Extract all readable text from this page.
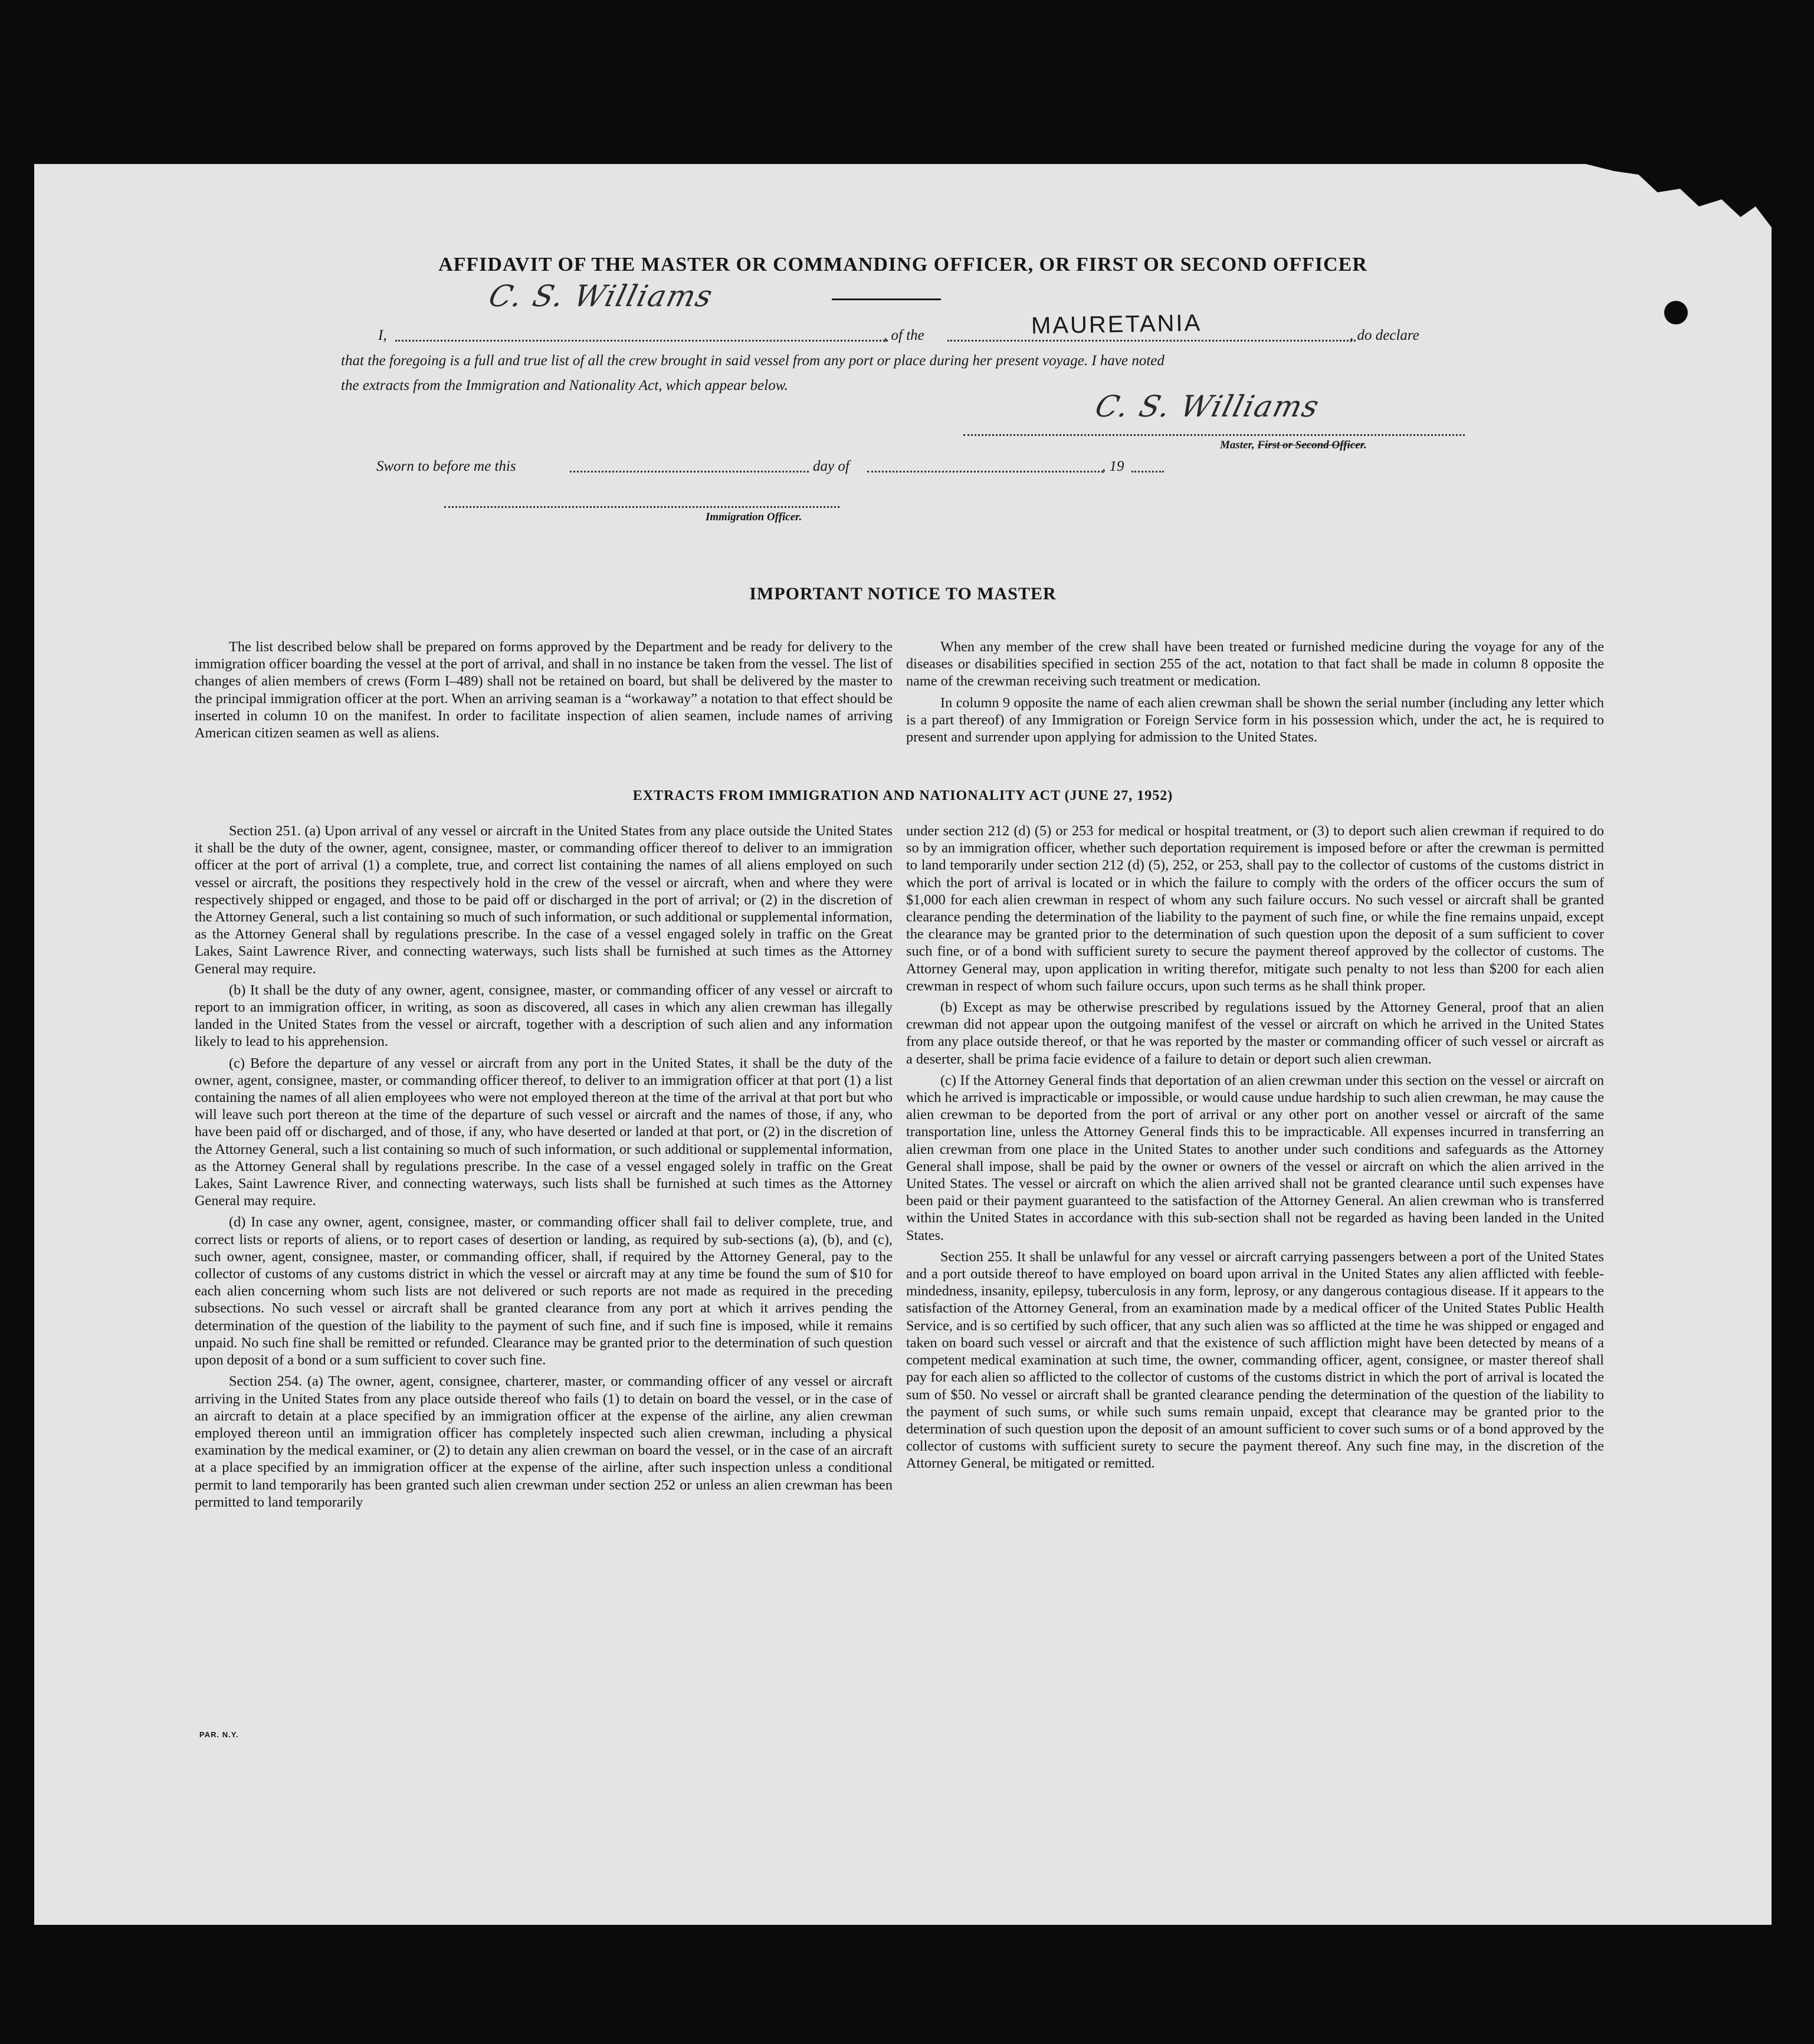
AFFIDAVIT OF THE MASTER OR COMMANDING OFFICER, OR FIRST OR SECOND OFFICER
I,
C. S. Williams
, of the	MAURETANIA	, do declare
that the foregoing is a full and true list of all the crew brought in said vessel from any port or place during her present voyage. I have noted
the extracts from the Immigration and Nationality Act, which appear below.
C. S. Williams
Master, First or Second Officer.
Sworn to before me this	day of	, 19
Immigration Officer.
IMPORTANT NOTICE TO MASTER

The list described below shall be prepared on forms approved by the Department and be ready for delivery to the immigration officer boarding the vessel at the port of arrival, and shall in no instance be taken from the vessel. The list of changes of alien members of crews (Form I–489) shall not be retained on board, but shall be delivered by the master to the principal immigration officer at the port. When an arriving seaman is a “workaway” a notation to that effect should be inserted in column 10 on the manifest. In order to facilitate inspection of alien seamen, include names of arriving American citizen seamen as well as aliens.

When any member of the crew shall have been treated or furnished medicine during the voyage for any of the diseases or disabilities specified in section 255 of the act, notation to that fact shall be made in column 8 opposite the name of the crewman receiving such treatment or medication.

In column 9 opposite the name of each alien crewman shall be shown the serial number (including any letter which is a part thereof) of any Immigration or Foreign Service form in his possession which, under the act, he is required to present and surrender upon applying for admission to the United States.

EXTRACTS FROM IMMIGRATION AND NATIONALITY ACT (JUNE 27, 1952)

Section 251. (a) Upon arrival of any vessel or aircraft in the United States from any place outside the United States it shall be the duty of the owner, agent, consignee, master, or commanding officer thereof to deliver to an immigration officer at the port of arrival (1) a complete, true, and correct list containing the names of all aliens employed on such vessel or aircraft, the positions they respectively hold in the crew of the vessel or aircraft, when and where they were respectively shipped or engaged, and those to be paid off or discharged in the port of arrival; or (2) in the discretion of the Attorney General, such a list containing so much of such information, or such additional or supplemental information, as the Attorney General shall by regulations prescribe. In the case of a vessel engaged solely in traffic on the Great Lakes, Saint Lawrence River, and connecting waterways, such lists shall be furnished at such times as the Attorney General may require.

(b) It shall be the duty of any owner, agent, consignee, master, or commanding officer of any vessel or aircraft to report to an immigration officer, in writing, as soon as discovered, all cases in which any alien crewman has illegally landed in the United States from the vessel or aircraft, together with a description of such alien and any information likely to lead to his apprehension.

(c) Before the departure of any vessel or aircraft from any port in the United States, it shall be the duty of the owner, agent, consignee, master, or commanding officer thereof, to deliver to an immigration officer at that port (1) a list containing the names of all alien employees who were not employed thereon at the time of the arrival at that port but who will leave such port thereon at the time of the departure of such vessel or aircraft and the names of those, if any, who have been paid off or discharged, and of those, if any, who have deserted or landed at that port, or (2) in the discretion of the Attorney General, such a list containing so much of such information, or such additional or supplemental information, as the Attorney General shall by regulations prescribe. In the case of a vessel engaged solely in traffic on the Great Lakes, Saint Lawrence River, and connecting waterways, such lists shall be furnished at such times as the Attorney General may require.

(d) In case any owner, agent, consignee, master, or commanding officer shall fail to deliver complete, true, and correct lists or reports of aliens, or to report cases of desertion or landing, as required by sub-sections (a), (b), and (c), such owner, agent, consignee, master, or commanding officer, shall, if required by the Attorney General, pay to the collector of customs of any customs district in which the vessel or aircraft may at any time be found the sum of $10 for each alien concerning whom such lists are not delivered or such reports are not made as required in the preceding subsections. No such vessel or aircraft shall be granted clearance from any port at which it arrives pending the determination of the question of the liability to the payment of such fine, and if such fine is imposed, while it remains unpaid. No such fine shall be remitted or refunded. Clearance may be granted prior to the determination of such question upon deposit of a bond or a sum sufficient to cover such fine.

Section 254. (a) The owner, agent, consignee, charterer, master, or commanding officer of any vessel or aircraft arriving in the United States from any place outside thereof who fails (1) to detain on board the vessel, or in the case of an aircraft to detain at a place specified by an immigration officer at the expense of the airline, any alien crewman employed thereon until an immigration officer has completely inspected such alien crewman, including a physical examination by the medical examiner, or (2) to detain any alien crewman on board the vessel, or in the case of an aircraft at a place specified by an immigration officer at the expense of the airline, after such inspection unless a conditional permit to land temporarily has been granted such alien crewman under section 252 or unless an alien crewman has been permitted to land temporarily

under section 212 (d) (5) or 253 for medical or hospital treatment, or (3) to deport such alien crewman if required to do so by an immigration officer, whether such deportation requirement is imposed before or after the crewman is permitted to land temporarily under section 212 (d) (5), 252, or 253, shall pay to the collector of customs of the customs district in which the port of arrival is located or in which the failure to comply with the orders of the officer occurs the sum of $1,000 for each alien crewman in respect of whom any such failure occurs. No such vessel or aircraft shall be granted clearance pending the determination of the liability to the payment of such fine, or while the fine remains unpaid, except the clearance may be granted prior to the determination of such question upon the deposit of a sum sufficient to cover such fine, or of a bond with sufficient surety to secure the payment thereof approved by the collector of customs. The Attorney General may, upon application in writing therefor, mitigate such penalty to not less than $200 for each alien crewman in respect of whom such failure occurs, upon such terms as he shall think proper.

(b) Except as may be otherwise prescribed by regulations issued by the Attorney General, proof that an alien crewman did not appear upon the outgoing manifest of the vessel or aircraft on which he arrived in the United States from any place outside thereof, or that he was reported by the master or commanding officer of such vessel or aircraft as a deserter, shall be prima facie evidence of a failure to detain or deport such alien crewman.

(c) If the Attorney General finds that deportation of an alien crewman under this section on the vessel or aircraft on which he arrived is impracticable or impossible, or would cause undue hardship to such alien crewman, he may cause the alien crewman to be deported from the port of arrival or any other port on another vessel or aircraft of the same transportation line, unless the Attorney General finds this to be impracticable. All expenses incurred in transferring an alien crewman from one place in the United States to another under such conditions and safeguards as the Attorney General shall impose, shall be paid by the owner or owners of the vessel or aircraft on which the alien arrived in the United States. The vessel or aircraft on which the alien arrived shall not be granted clearance until such expenses have been paid or their payment guaranteed to the satisfaction of the Attorney General. An alien crewman who is transferred within the United States in accordance with this sub-section shall not be regarded as having been landed in the United States.

Section 255. It shall be unlawful for any vessel or aircraft carrying passengers between a port of the United States and a port outside thereof to have employed on board upon arrival in the United States any alien afflicted with feeble-mindedness, insanity, epilepsy, tuberculosis in any form, leprosy, or any dangerous contagious disease. If it appears to the satisfaction of the Attorney General, from an examination made by a medical officer of the United States Public Health Service, and is so certified by such officer, that any such alien was so afflicted at the time he was shipped or engaged and taken on board such vessel or aircraft and that the existence of such affliction might have been detected by means of a competent medical examination at such time, the owner, commanding officer, agent, consignee, or master thereof shall pay for each alien so afflicted to the collector of customs of the customs district in which the port of arrival is located the sum of $50. No vessel or aircraft shall be granted clearance pending the determination of the question of the liability to the payment of such sums, or while such sums remain unpaid, except that clearance may be granted prior to the determination of such question upon the deposit of an amount sufficient to cover such sums or of a bond approved by the collector of customs with sufficient surety to secure the payment thereof. Any such fine may, in the discretion of the Attorney General, be mitigated or remitted.

PAR. N.Y.
